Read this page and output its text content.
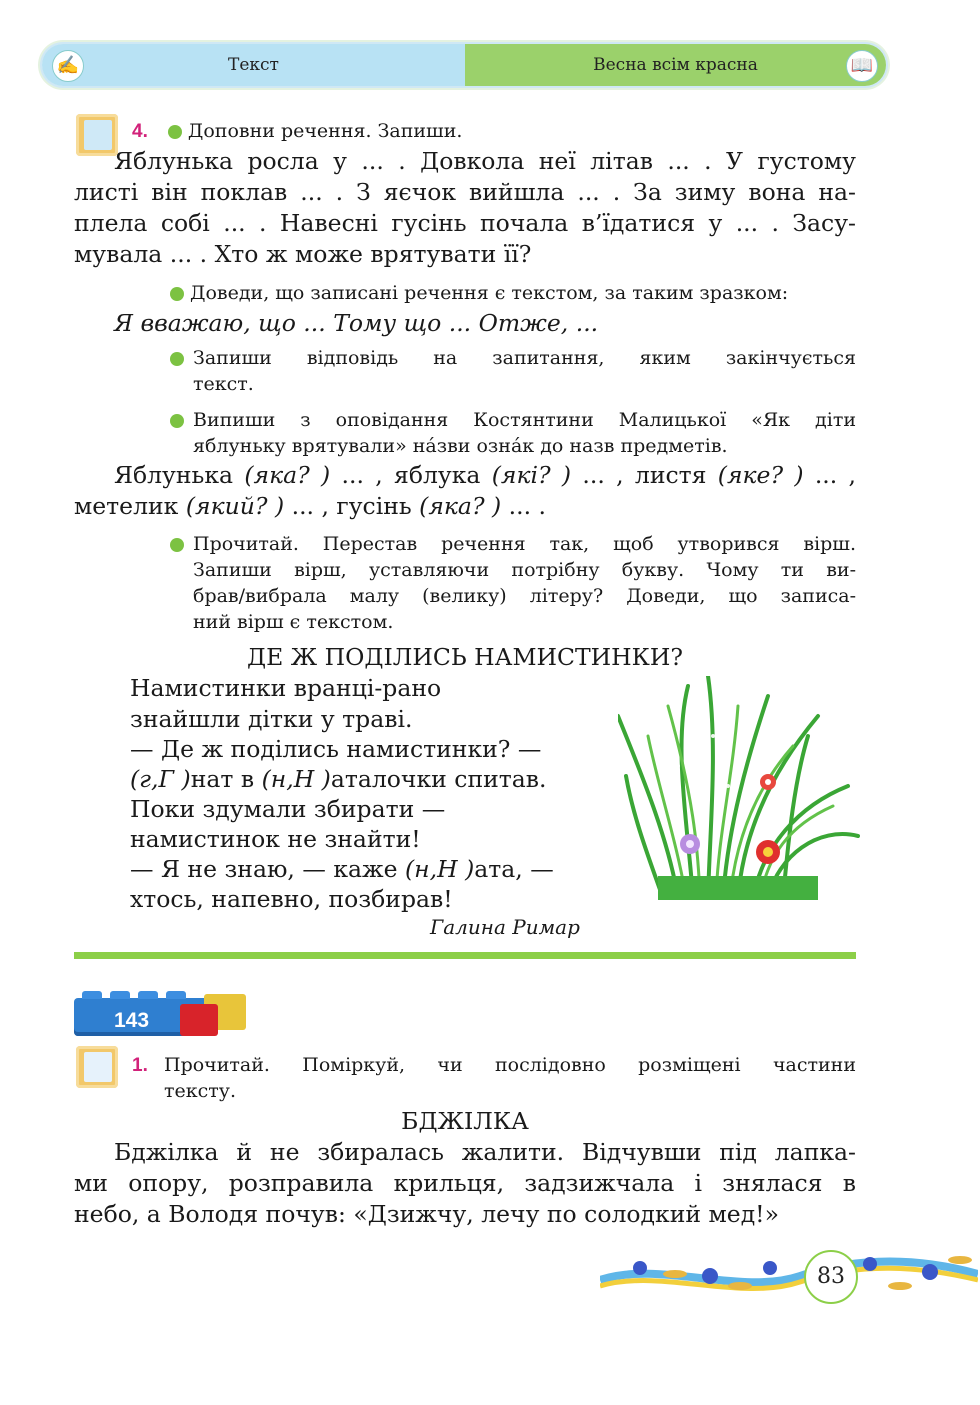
Текст	Весна всім красна
✍	📖
4. Доповни речення. Запиши.
Яблунька росла у ... . Довкола неї літав ... . У густому
листі він поклав ... . З яєчок вийшла ... . За зиму вона на-
плела собі ... . Навесні гусінь почала в’їдатися у ... . Засу-
мувала ... . Хто ж може врятувати її?
Доведи, що записані речення є текстом, за таким зразком:
Я вважаю, що ... Тому що ... Отже, ...
Запиши відповідь на запитання, яким закінчується
текст.
Випиши з оповідання Костянтини Малицької «Як діти
яблуньку врятували» на́зви озна́к до назв предметів.
Яблунька (яка? ) ... , яблука (які? ) ... , листя (яке? ) ... ,
метелик (який? ) ... , гусінь (яка? ) ... .
Прочитай. Перестав речення так, щоб утворився вірш.
Запиши вірш, уставляючи потрібну букву. Чому ти ви-
брав/вибрала малу (велику) літеру? Доведи, що записа-
ний вірш є текстом.
ДЕ Ж ПОДІЛИСЬ НАМИСТИНКИ?
Намистинки вранці-рано
знайшли дітки у траві.
— Де ж поділись намистинки? —
(г,Г )нат в (н,Н )аталочки спитав.
Поки здумали збирати —
намистинок не знайти!
— Я не знаю, — каже (н,Н )ата, —
хтось, напевно, позбирав!
Галина Римар
143
1. Прочитай. Поміркуй, чи послідовно розміщені частини
тексту.
БДЖІЛКА
Бджілка й не збиралась жалити. Відчувши під лапка-
ми опору, розправила крильця, задзижчала і знялася в
небо, а Володя почув: «Дзижчу, лечу по солодкий мед!»
83
